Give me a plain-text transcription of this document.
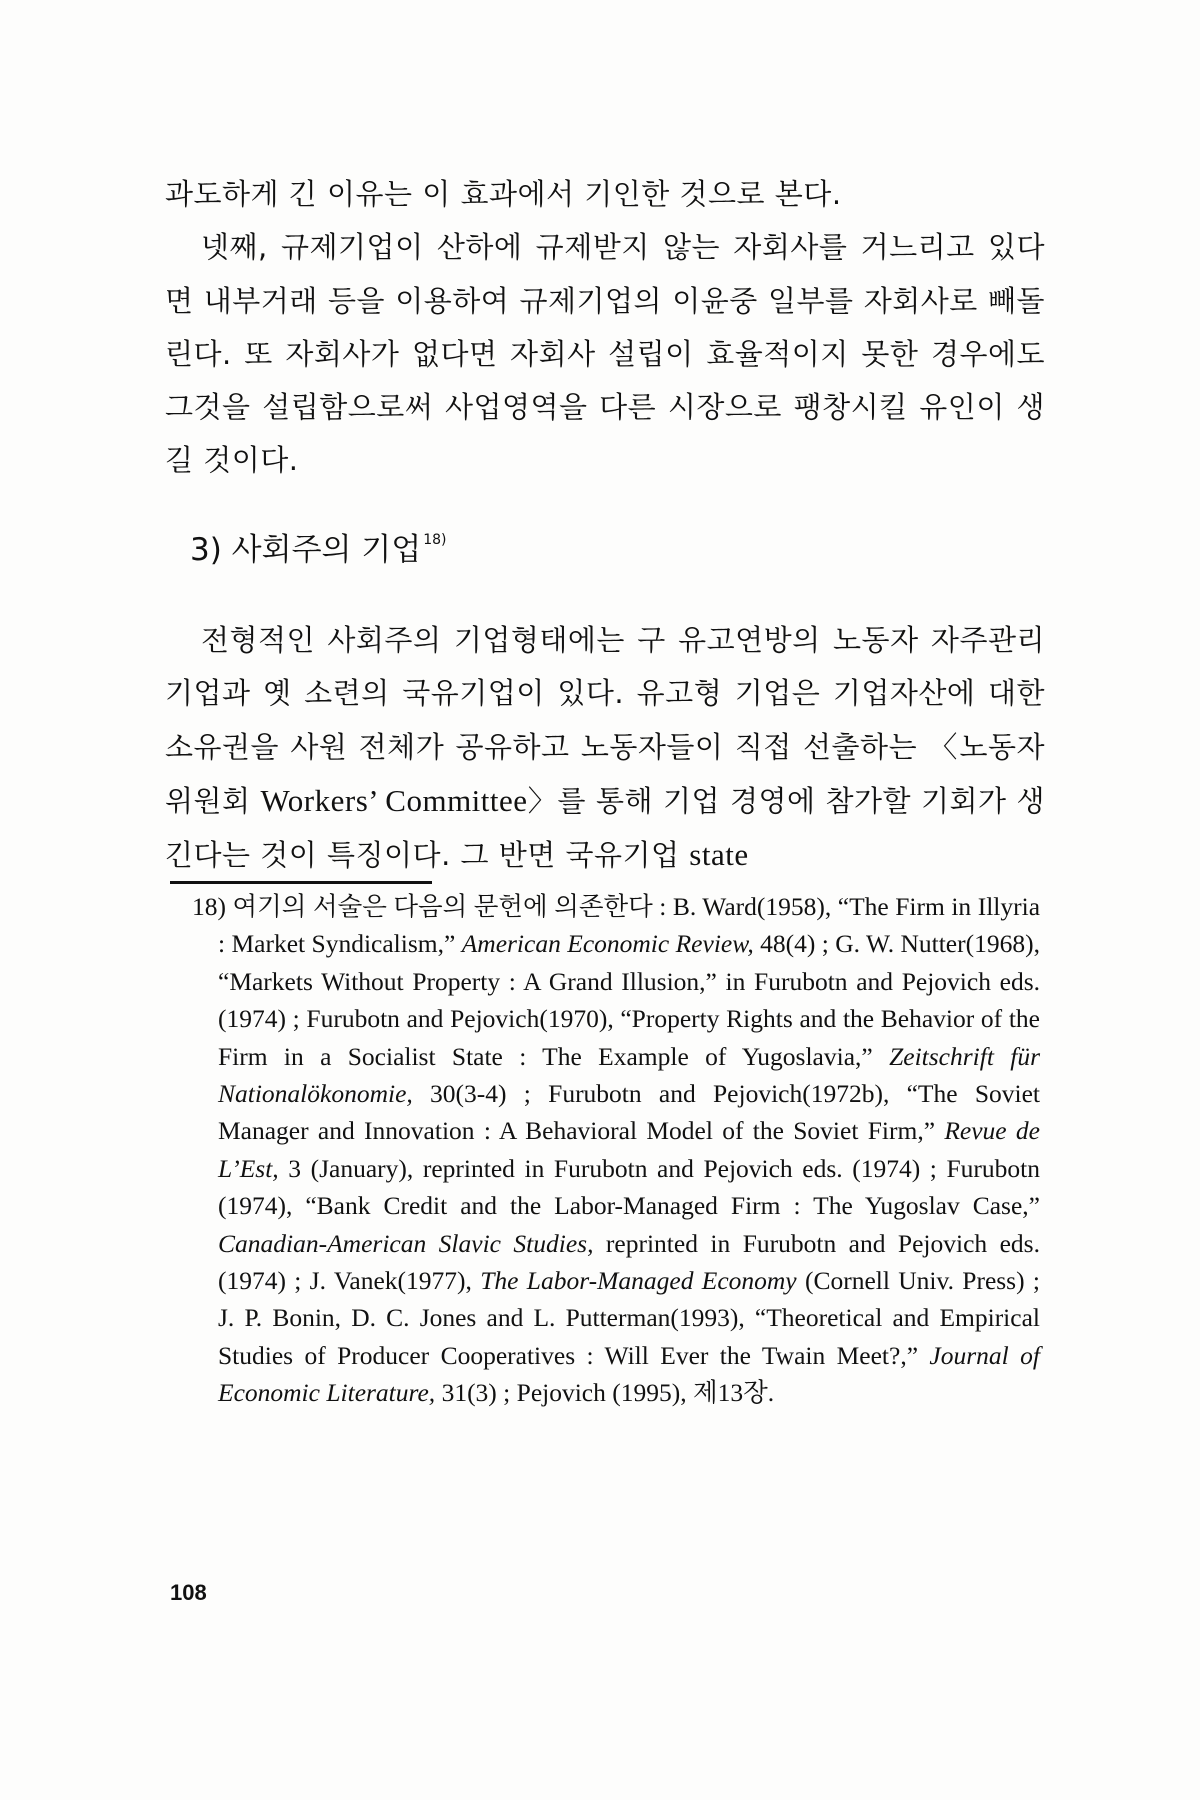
과도하게 긴 이유는 이 효과에서 기인한 것으로 본다.

넷째, 규제기업이 산하에 규제받지 않는 자회사를 거느리고 있다면 내부거래 등을 이용하여 규제기업의 이윤중 일부를 자회사로 빼돌린다. 또 자회사가 없다면 자회사 설립이 효율적이지 못한 경우에도 그것을 설립함으로써 사업영역을 다른 시장으로 팽창시킬 유인이 생길 것이다.

3) 사회주의 기업 $^{18)}$

전형적인 사회주의 기업형태에는 구 유고연방의 노동자 자주관리기업과 옛 소련의 국유기업이 있다. 유고형 기업은 기업자산에 대한 소유권을 사원 전체가 공유하고 노동자들이 직접 선출하는 〈노동자 위원회 Workers’ Committee〉를 통해 기업 경영에 참가할 기회가 생긴다는 것이 특징이다. 그 반면 국유기업 state

18) 여기의 서술은 다음의 문헌에 의존한다 : B. Ward(1958), “The Firm in Illyria : Market Syndicalism,” American Economic Review, 48(4) ; G. W. Nutter(1968), “Markets Without Property : A Grand Illusion,” in Furubotn and Pejovich eds. (1974) ; Furubotn and Pejovich(1970), “Property Rights and the Behavior of the Firm in a Socialist State : The Example of Yugoslavia,” Zeitschrift für Nationalökonomie, 30(3-4) ; Furubotn and Pejovich(1972b), “The Soviet Manager and Innovation : A Behavioral Model of the Soviet Firm,” Revue de L’Est, 3 (January), reprinted in Furubotn and Pejovich eds. (1974) ; Furubotn (1974), “Bank Credit and the Labor-Managed Firm : The Yugoslav Case,” Canadian-American Slavic Studies, reprinted in Furubotn and Pejovich eds. (1974) ; J. Vanek(1977), The Labor-Managed Economy (Cornell Univ. Press) ; J. P. Bonin, D. C. Jones and L. Putterman(1993), “Theoretical and Empirical Studies of Producer Cooperatives : Will Ever the Twain Meet?,” Journal of Economic Literature, 31(3) ; Pejovich (1995), 제13장.
108
